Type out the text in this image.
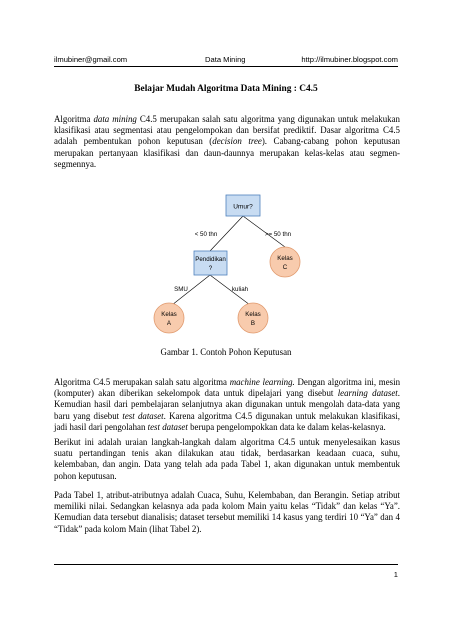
ilmubiner@gmail.com	Data Mining	http://ilmubiner.blogspot.com
Belajar Mudah Algoritma Data Mining : C4.5
Algoritma data mining C4.5 merupakan salah satu algoritma yang digunakan untuk melakukan
klasifikasi atau segmentasi atau pengelompokan dan bersifat prediktif. Dasar algoritma C4.5
adalah pembentukan pohon keputusan (decision tree). Cabang-cabang pohon keputusan
merupakan pertanyaan klasifikasi dan daun-daunnya merupakan kelas-kelas atau segmen-
segmennya.
Umur?
< 50 thn	>= 50 thn
Pendidikan
?
Kelas
C
SMU	kuliah
Kelas
A
Kelas
B
Gambar 1. Contoh Pohon Keputusan
Algoritma C4.5 merupakan salah satu algoritma machine learning. Dengan algoritma ini, mesin
(komputer) akan diberikan sekelompok data untuk dipelajari yang disebut learning dataset.
Kemudian hasil dari pembelajaran selanjutnya akan digunakan untuk mengolah data-data yang
baru yang disebut test dataset. Karena algoritma C4.5 digunakan untuk melakukan klasifikasi,
jadi hasil dari pengolahan test dataset berupa pengelompokkan data ke dalam kelas-kelasnya.
Berikut ini adalah uraian langkah-langkah dalam algoritma C4.5 untuk menyelesaikan kasus
suatu pertandingan tenis akan dilakukan atau tidak, berdasarkan keadaan cuaca, suhu,
kelembaban, dan angin. Data yang telah ada pada Tabel 1, akan digunakan untuk membentuk
pohon keputusan.
Pada Tabel 1, atribut-atributnya adalah Cuaca, Suhu, Kelembaban, dan Berangin. Setiap atribut
memiliki nilai. Sedangkan kelasnya ada pada kolom Main yaitu kelas “Tidak” dan kelas “Ya”.
Kemudian data tersebut dianalisis; dataset tersebut memiliki 14 kasus yang terdiri 10 “Ya” dan 4
“Tidak” pada kolom Main (lihat Tabel 2).
1
